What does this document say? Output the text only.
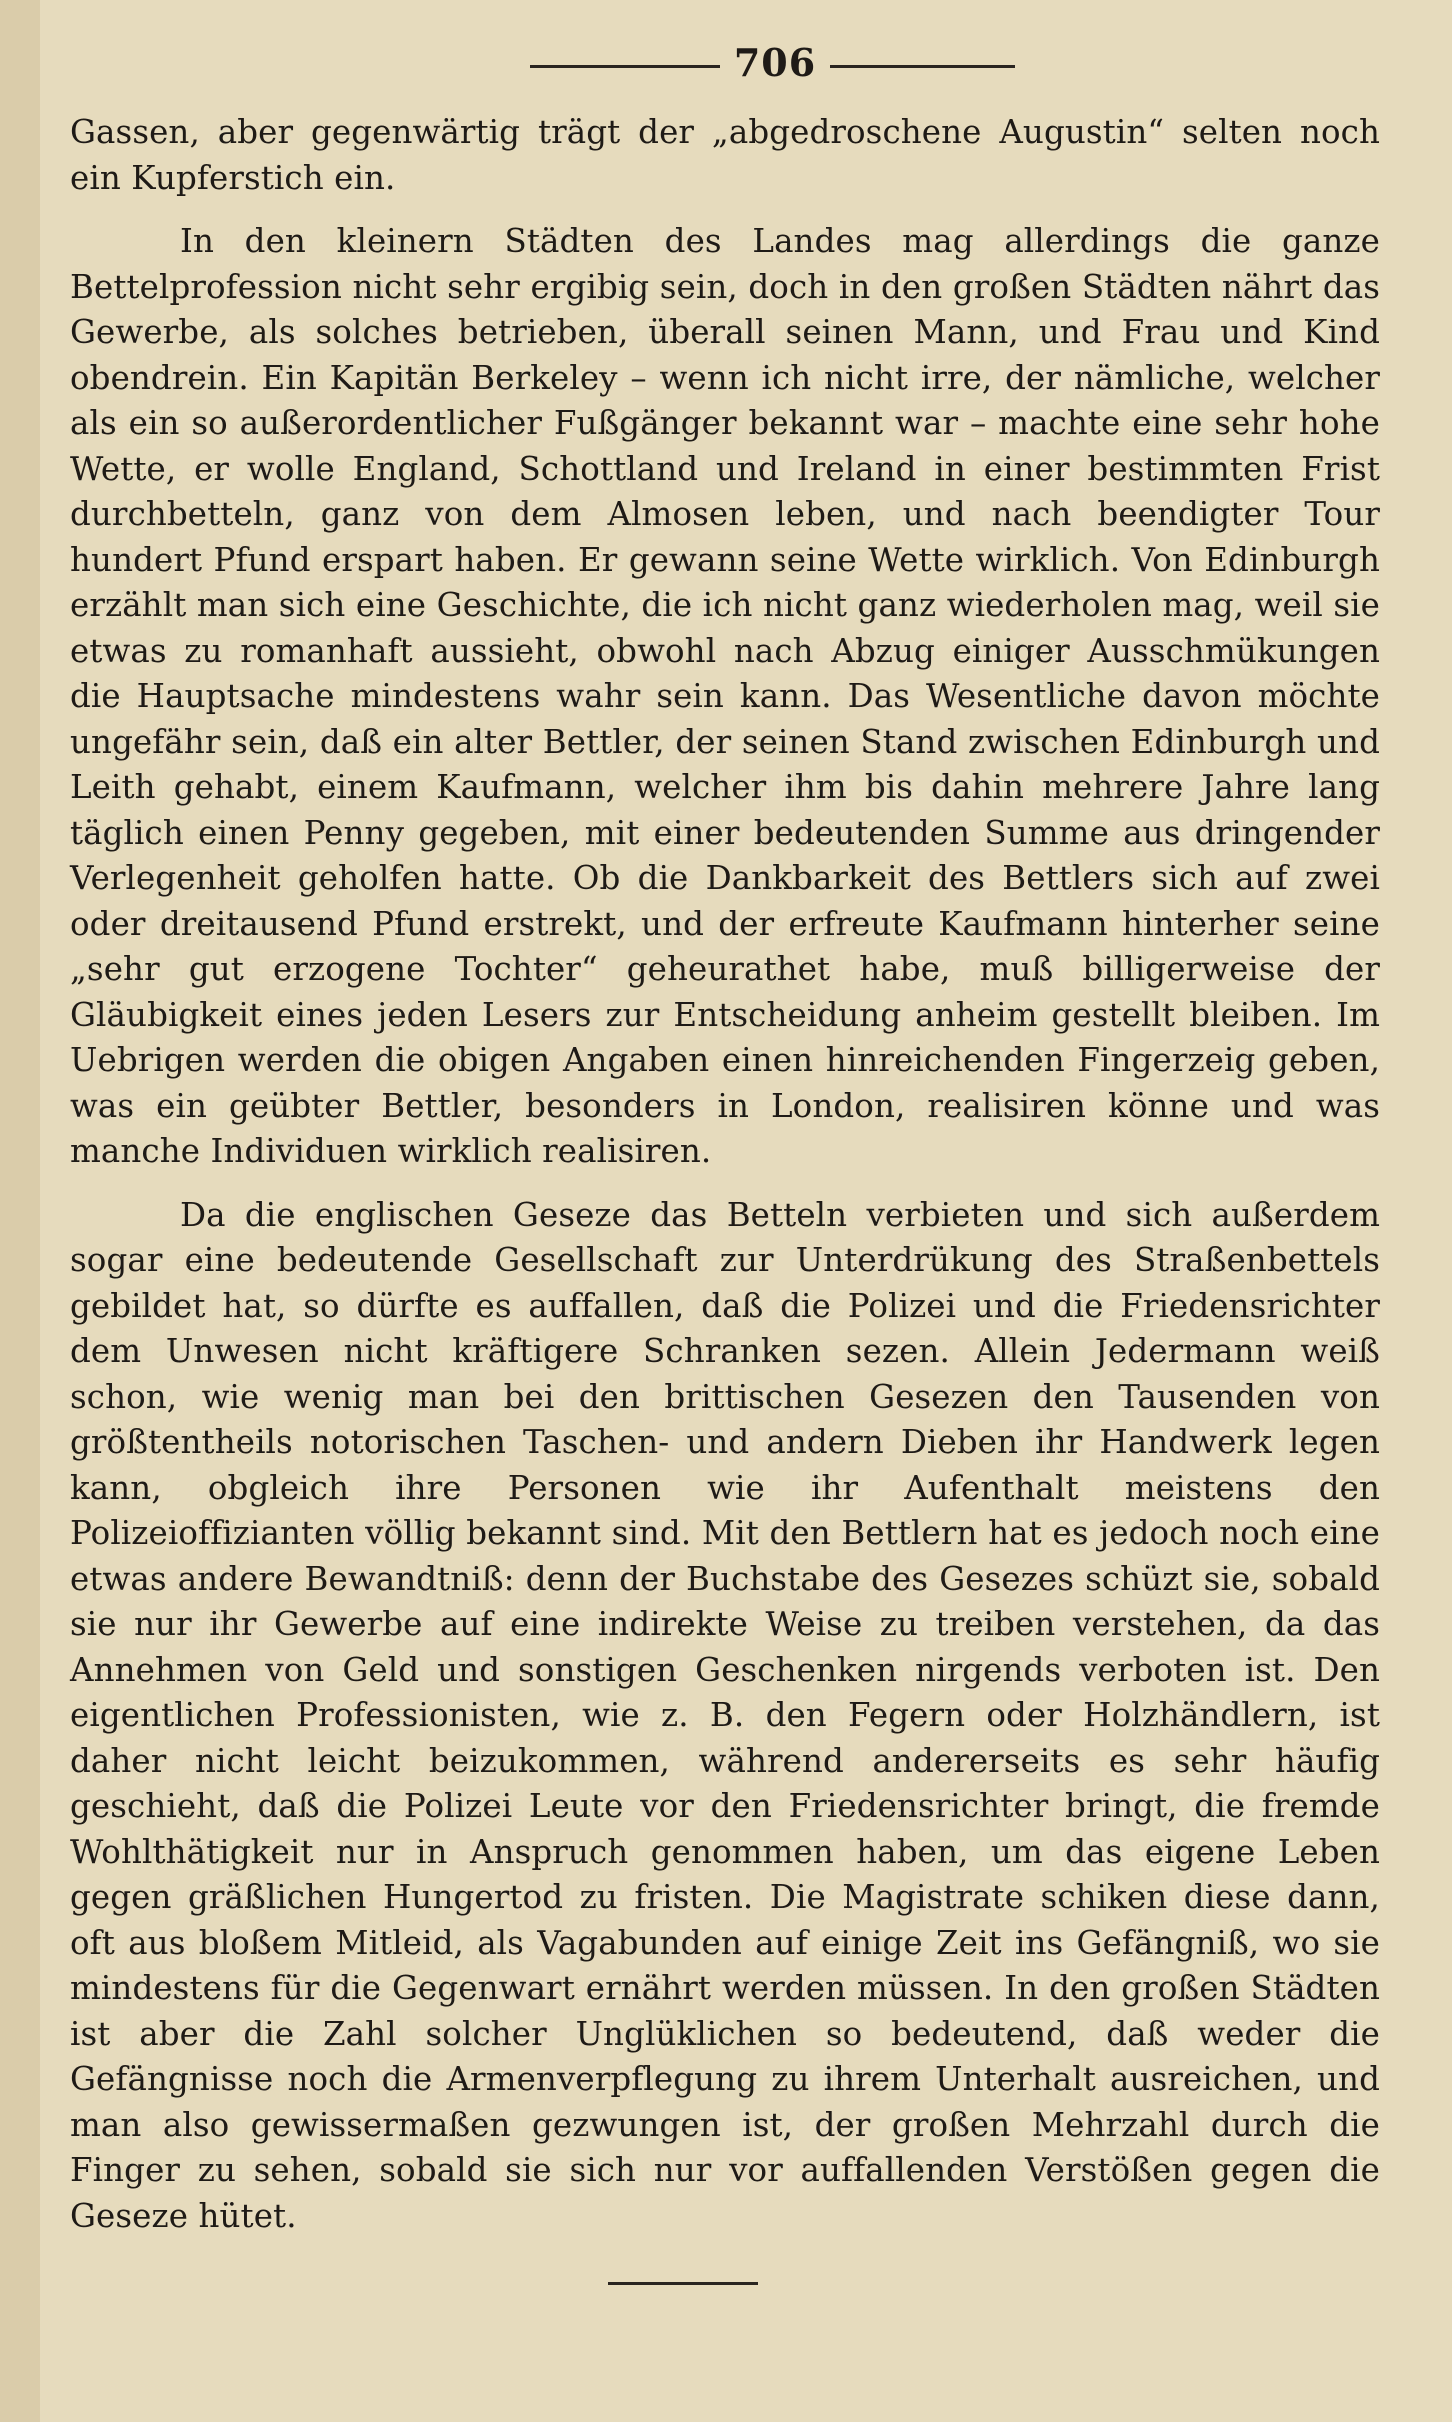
706

Gassen, aber gegenwärtig trägt der „abgedroschene Augustin“ selten noch ein Kupferstich ein.

In den kleinern Städten des Landes mag allerdings die ganze Bettelprofession nicht sehr ergibig sein, doch in den großen Städten nährt das Gewerbe, als solches betrieben, überall seinen Mann, und Frau und Kind obendrein. Ein Kapitän Berkeley – wenn ich nicht irre, der nämliche, welcher als ein so außerordentlicher Fußgänger bekannt war – machte eine sehr hohe Wette, er wolle England, Schottland und Ireland in einer bestimmten Frist durchbetteln, ganz von dem Almosen leben, und nach beendigter Tour hundert Pfund erspart haben. Er gewann seine Wette wirklich. Von Edinburgh erzählt man sich eine Geschichte, die ich nicht ganz wiederholen mag, weil sie etwas zu romanhaft aussieht, obwohl nach Abzug einiger Ausschmükungen die Hauptsache mindestens wahr sein kann. Das Wesentliche davon möchte ungefähr sein, daß ein alter Bettler, der seinen Stand zwischen Edinburgh und Leith gehabt, einem Kaufmann, welcher ihm bis dahin mehrere Jahre lang täglich einen Penny gegeben, mit einer bedeutenden Summe aus dringender Verlegenheit geholfen hatte. Ob die Dankbarkeit des Bettlers sich auf zwei oder dreitausend Pfund erstrekt, und der erfreute Kaufmann hinterher seine „sehr gut erzogene Tochter“ geheurathet habe, muß billigerweise der Gläubigkeit eines jeden Lesers zur Entscheidung anheim gestellt bleiben. Im Uebrigen werden die obigen Angaben einen hinreichenden Fingerzeig geben, was ein geübter Bettler, besonders in London, realisiren könne und was manche Individuen wirklich realisiren.

Da die englischen Geseze das Betteln verbieten und sich außerdem sogar eine bedeutende Gesellschaft zur Unterdrükung des Straßenbettels gebildet hat, so dürfte es auffallen, daß die Polizei und die Friedensrichter dem Unwesen nicht kräftigere Schranken sezen. Allein Jedermann weiß schon, wie wenig man bei den brittischen Gesezen den Tausenden von größtentheils notorischen Taschen- und andern Dieben ihr Handwerk legen kann, obgleich ihre Personen wie ihr Aufenthalt meistens den Polizeioffizianten völlig bekannt sind. Mit den Bettlern hat es jedoch noch eine etwas andere Bewandtniß: denn der Buchstabe des Gesezes schüzt sie, sobald sie nur ihr Gewerbe auf eine indirekte Weise zu treiben verstehen, da das Annehmen von Geld und sonstigen Geschenken nirgends verboten ist. Den eigentlichen Professionisten, wie z. B. den Fegern oder Holzhändlern, ist daher nicht leicht beizukommen, während andererseits es sehr häufig geschieht, daß die Polizei Leute vor den Friedensrichter bringt, die fremde Wohlthätigkeit nur in Anspruch genommen haben, um das eigene Leben gegen gräßlichen Hungertod zu fristen. Die Magistrate schiken diese dann, oft aus bloßem Mitleid, als Vagabunden auf einige Zeit ins Gefängniß, wo sie mindestens für die Gegenwart ernährt werden müssen. In den großen Städten ist aber die Zahl solcher Unglüklichen so bedeutend, daß weder die Gefängnisse noch die Armenverpflegung zu ihrem Unterhalt ausreichen, und man also gewissermaßen gezwungen ist, der großen Mehrzahl durch die Finger zu sehen, sobald sie sich nur vor auffallenden Verstößen gegen die Geseze hütet.
